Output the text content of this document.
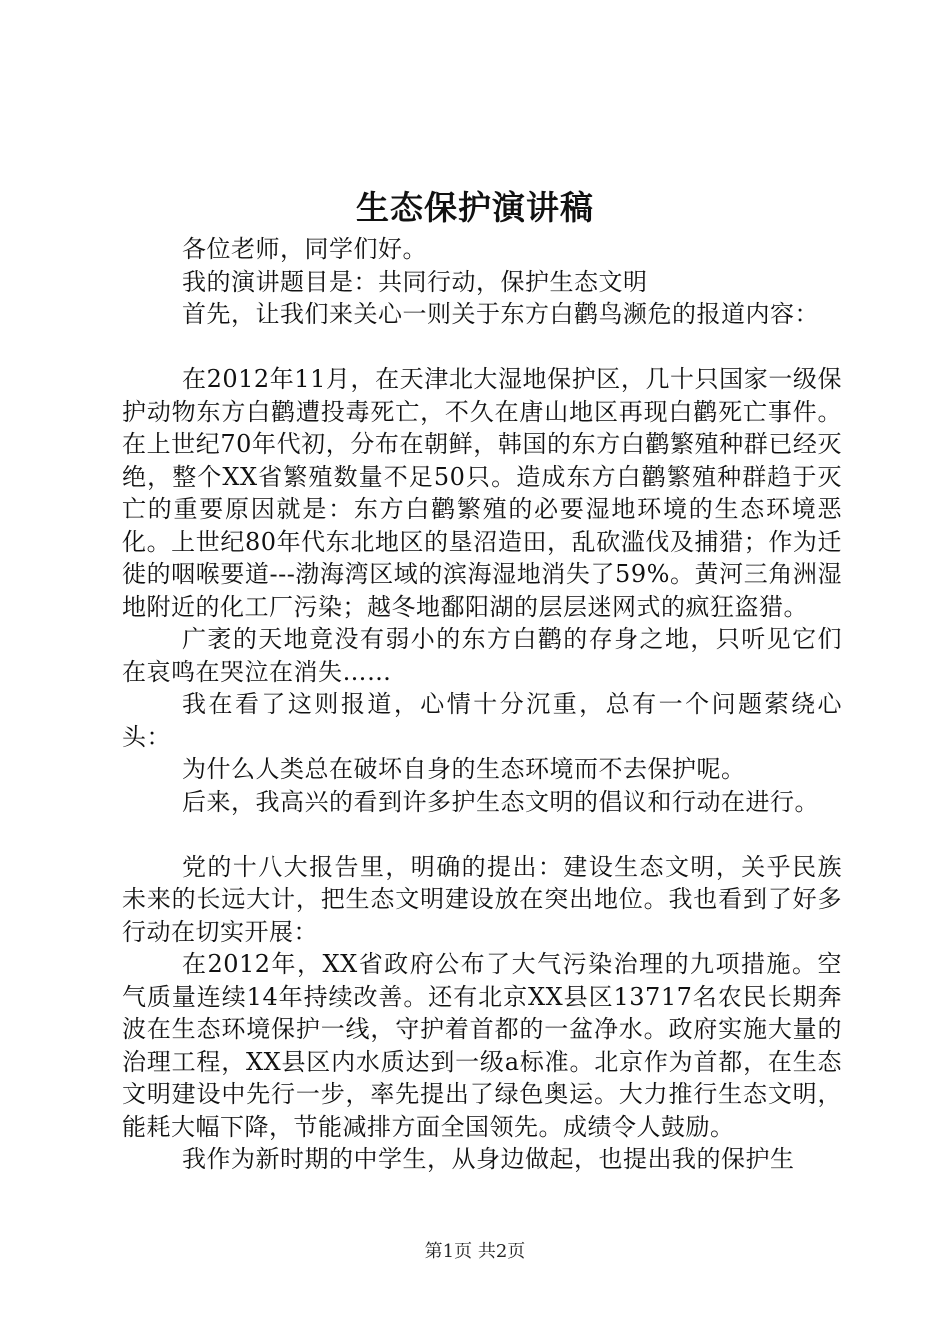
生态保护演讲稿

各位老师，同学们好。

我的演讲题目是：共同行动，保护生态文明

首先，让我们来关心一则关于东方白鹳鸟濒危的报道内容：

在2012年11月，在天津北大湿地保护区，几十只国家一级保护动物东方白鹳遭投毒死亡，不久在唐山地区再现白鹳死亡事件。在上世纪70年代初，分布在朝鲜，韩国的东方白鹳繁殖种群已经灭绝，整个XX省繁殖数量不足50只。造成东方白鹳繁殖种群趋于灭亡的重要原因就是：东方白鹳繁殖的必要湿地环境的生态环境恶化。上世纪80年代东北地区的垦沼造田，乱砍滥伐及捕猎；作为迁徙的咽喉要道---渤海湾区域的滨海湿地消失了59%。黄河三角洲湿地附近的化工厂污染；越冬地鄱阳湖的层层迷网式的疯狂盗猎。

广袤的天地竟没有弱小的东方白鹳的存身之地，只听见它们在哀鸣在哭泣在消失……

我在看了这则报道，心情十分沉重，总有一个问题萦绕心头：

为什么人类总在破坏自身的生态环境而不去保护呢。

后来，我高兴的看到许多护生态文明的倡议和行动在进行。

党的十八大报告里，明确的提出：建设生态文明，关乎民族未来的长远大计，把生态文明建设放在突出地位。我也看到了好多行动在切实开展：

在2012年，XX省政府公布了大气污染治理的九项措施。空气质量连续14年持续改善。还有北京XX县区13717名农民长期奔波在生态环境保护一线，守护着首都的一盆净水。政府实施大量的治理工程，XX县区内水质达到一级a标准。北京作为首都，在生态文明建设中先行一步，率先提出了绿色奥运。大力推行生态文明，能耗大幅下降，节能减排方面全国领先。成绩令人鼓励。

我作为新时期的中学生，从身边做起，也提出我的保护生

第1页 共2页
